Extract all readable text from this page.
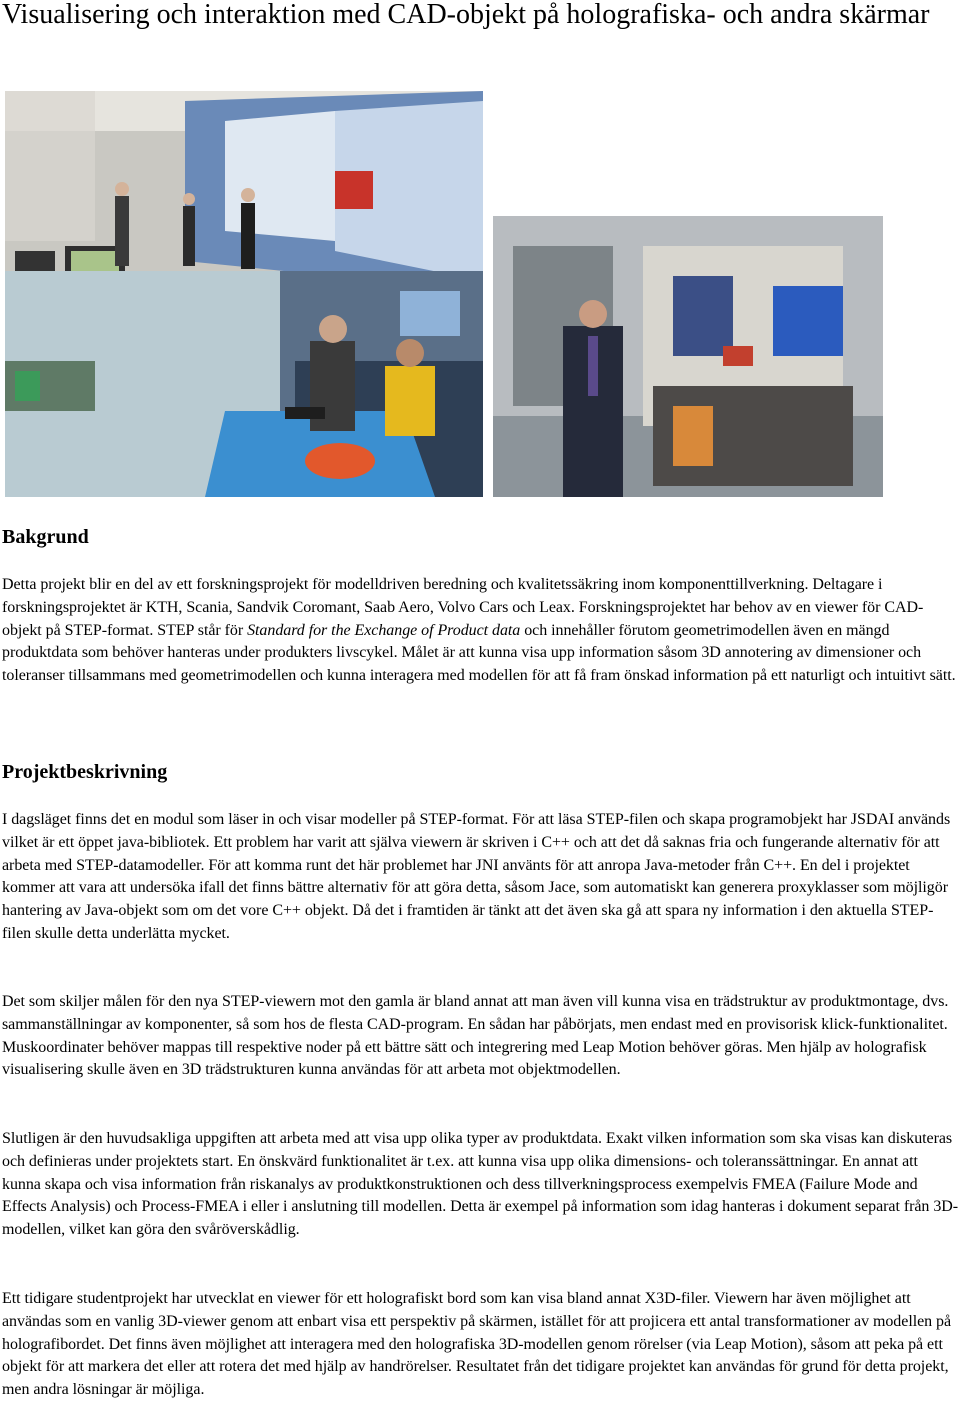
Visualisering och interaktion med CAD-objekt på holografiska- och andra skärmar
Bakgrund

Detta projekt blir en del av ett forskningsprojekt för modelldriven beredning och kvalitetssäkring inom komponenttillverkning. Deltagare i forskningsprojektet är KTH, Scania, Sandvik Coromant, Saab Aero, Volvo Cars och Leax. Forskningsprojektet har behov av en viewer för CAD-objekt på STEP-format. STEP står för Standard for the Exchange of Product data och innehåller förutom geometrimodellen även en mängd produktdata som behöver hanteras under produkters livscykel. Målet är att kunna visa upp information såsom 3D annotering av dimensioner och toleranser tillsammans med geometrimodellen och kunna interagera med modellen för att få fram önskad information på ett naturligt och intuitivt sätt.

Projektbeskrivning

I dagsläget finns det en modul som läser in och visar modeller på STEP-format. För att läsa STEP-filen och skapa programobjekt har JSDAI används vilket är ett öppet java-bibliotek. Ett problem har varit att själva viewern är skriven i C++ och att det då saknas fria och fungerande alternativ för att arbeta med STEP-datamodeller. För att komma runt det här problemet har JNI använts för att anropa Java-metoder från C++. En del i projektet kommer att vara att undersöka ifall det finns bättre alternativ för att göra detta, såsom Jace, som automatiskt kan generera proxyklasser som möjligör hantering av Java-objekt som om det vore C++ objekt. Då det i framtiden är tänkt att det även ska gå att spara ny information i den aktuella STEP-filen skulle detta underlätta mycket.

Det som skiljer målen för den nya STEP-viewern mot den gamla är bland annat att man även vill kunna visa en trädstruktur av produktmontage, dvs. sammanställningar av komponenter, så som hos de flesta CAD-program. En sådan har påbörjats, men endast med en provisorisk klick-funktionalitet. Muskoordinater behöver mappas till respektive noder på ett bättre sätt och integrering med Leap Motion behöver göras. Men hjälp av holografisk visualisering skulle även en 3D trädstrukturen kunna användas för att arbeta mot objektmodellen.

Slutligen är den huvudsakliga uppgiften att arbeta med att visa upp olika typer av produktdata. Exakt vilken information som ska visas kan diskuteras och definieras under projektets start. En önskvärd funktionalitet är t.ex. att kunna visa upp olika dimensions- och toleranssättningar. En annat att kunna skapa och visa information från riskanalys av produktkonstruktionen och dess tillverkningsprocess exempelvis FMEA (Failure Mode and Effects Analysis) och Process-FMEA i eller i anslutning till modellen. Detta är exempel på information som idag hanteras i dokument separat från 3D-modellen, vilket kan göra den svåröverskådlig.

Ett tidigare studentprojekt har utvecklat en viewer för ett holografiskt bord som kan visa bland annat X3D-filer. Viewern har även möjlighet att användas som en vanlig 3D-viewer genom att enbart visa ett perspektiv på skärmen, istället för att projicera ett antal transformationer av modellen på holografibordet. Det finns även möjlighet att interagera med den holografiska 3D-modellen genom rörelser (via Leap Motion), såsom att peka på ett objekt för att markera det eller att rotera det med hjälp av handrörelser. Resultatet från det tidigare projektet kan användas för grund för detta projekt, men andra lösningar är möjliga.
